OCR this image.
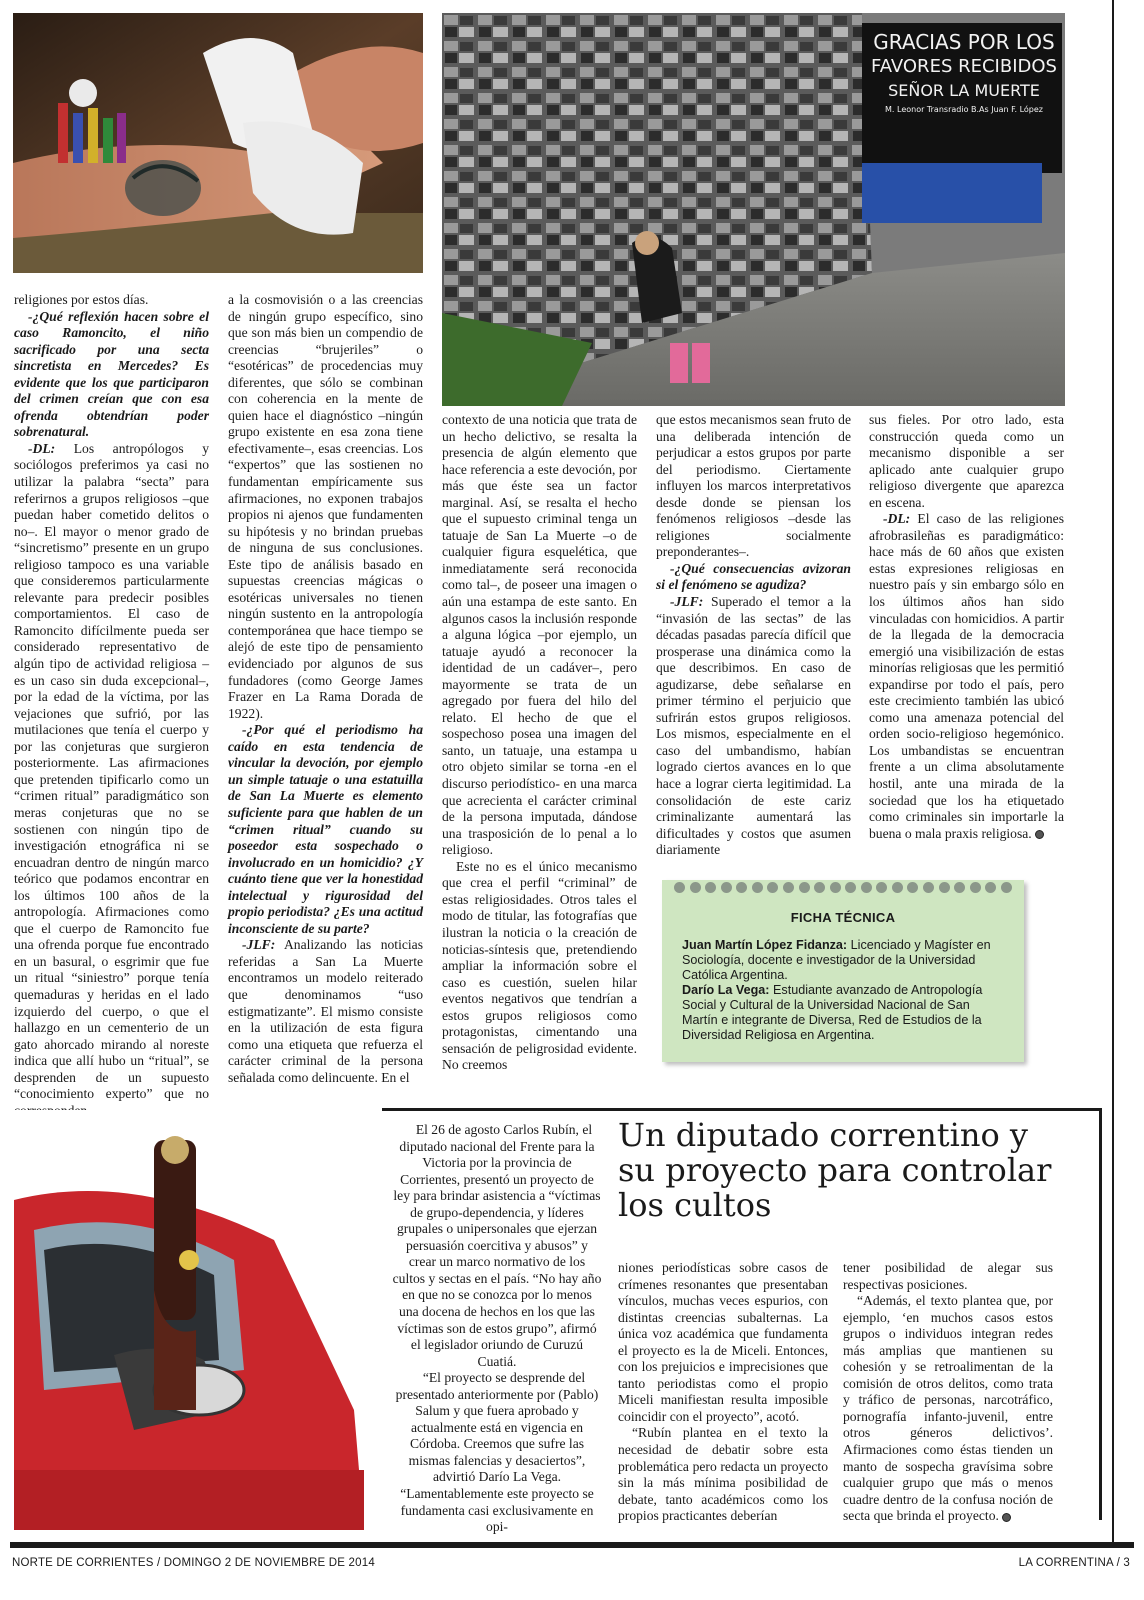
GRACIAS POR LOS
FAVORES RECIBIDOS
SEÑOR LA MUERTE
M. Leonor Transradio B.As Juan F. López

religiones por estos días.

-¿Qué reflexión hacen sobre el caso Ramoncito, el niño sacrificado por una secta sincretista en Mercedes? Es evidente que los que participaron del crimen creían que con esa ofrenda obtendrían poder sobrenatural.

-DL: Los antropólogos y sociólogos preferimos ya casi no utilizar la palabra “secta” para referirnos a grupos religiosos –que puedan haber cometido delitos o no–. El mayor o menor grado de “sincretismo” presente en un grupo religioso tampoco es una variable que consideremos particularmente relevante para predecir posibles comportamientos. El caso de Ramoncito difícilmente pueda ser considerado representativo de algún tipo de actividad religiosa –es un caso sin duda excepcional–, por la edad de la víctima, por las vejaciones que sufrió, por las mutilaciones que tenía el cuerpo y por las conjeturas que surgieron posteriormente. Las afirmaciones que pretenden tipificarlo como un “crimen ritual” paradigmático son meras conjeturas que no se sostienen con ningún tipo de investigación etnográfica ni se encuadran dentro de ningún marco teórico que podamos encontrar en los últimos 100 años de la antropología. Afirmaciones como que el cuerpo de Ramoncito fue una ofrenda porque fue encontrado en un basural, o esgrimir que fue un ritual “siniestro” porque tenía quemaduras y heridas en el lado izquierdo del cuerpo, o que el hallazgo en un cementerio de un gato ahorcado mirando al noreste indica que allí hubo un “ritual”, se desprenden de un supuesto “conocimiento experto” que no

a la cosmovisión o a las creencias de ningún grupo específico, sino que son más bien un compendio de creencias “brujeriles” o “esotéricas” de procedencias muy diferentes, que sólo se combinan con coherencia en la mente de quien hace el diagnóstico –ningún grupo existente en esa zona tiene efectivamente–, esas creencias. Los “expertos” que las sostienen no fundamentan empíricamente sus afirmaciones, no exponen trabajos propios ni ajenos que fundamenten su hipótesis y no brindan pruebas de ninguna de sus conclusiones. Este tipo de análisis basado en supuestas creencias mágicas o esotéricas universales no tienen ningún sustento en la antropología contemporánea que hace tiempo se alejó de este tipo de pensamiento evidenciado por algunos de sus fundadores (como George James Frazer en La Rama Dorada de 1922).

-¿Por qué el periodismo ha caído en esta tendencia de vincular la devoción, por ejemplo un simple tatuaje o una estatuilla de San La Muerte es elemento suficiente para que hablen de un “crimen ritual” cuando su poseedor esta sospechado o involucrado en un homicidio? ¿Y cuánto tiene que ver la honestidad intelectual y rigurosidad del propio periodista? ¿Es una actitud inconsciente de su parte?

-JLF: Analizando las noticias referidas a San La Muerte encontramos un modelo reiterado que denominamos “uso estigmatizante”. El mismo consiste en la utilización de esta figura como una etiqueta que refuerza el carácter criminal de la persona señalada como delincuente. En el

contexto de una noticia que trata de un hecho delictivo, se resalta la presencia de algún elemento que hace referencia a este devoción, por más que éste sea un factor marginal. Así, se resalta el hecho que el supuesto criminal tenga un tatuaje de San La Muerte –o de cualquier figura esquelética, que inmediatamente será reconocida como tal–, de poseer una imagen o aún una estampa de este santo. En algunos casos la inclusión responde a alguna lógica –por ejemplo, un tatuaje ayudó a reconocer la identidad de un cadáver–, pero mayormente se trata de un agregado por fuera del hilo del relato. El hecho de que el sospechoso posea una imagen del santo, un tatuaje, una estampa u otro objeto similar se torna -en el discurso periodístico- en una marca que acrecienta el carácter criminal de la persona imputada, dándose una trasposición de lo penal a lo religioso.

Este no es el único mecanismo que crea el perfil “criminal” de estas religiosidades. Otros tales el modo de titular, las fotografías que ilustran la noticia o la creación de noticias-síntesis que, pretendiendo ampliar la información sobre el caso es cuestión, suelen hilar eventos negativos que tendrían a estos grupos religiosos como protagonistas, cimentando una sensación de peligrosidad evidente. No creemos

que estos mecanismos sean fruto de una deliberada intención de perjudicar a estos grupos por parte del periodismo. Ciertamente influyen los marcos interpretativos desde donde se piensan los fenómenos religiosos –desde las religiones socialmente preponderantes–.

-¿Qué consecuencias avizoran si el fenómeno se agudiza?

-JLF: Superado el temor a la “invasión de las sectas” de las décadas pasadas parecía difícil que prosperase una dinámica como la que describimos. En caso de agudizarse, debe señalarse en primer término el perjuicio que sufrirán estos grupos religiosos. Los mismos, especialmente en el caso del umbandismo, habían logrado ciertos avances en lo que hace a lograr cierta legitimidad. La consolidación de este cariz criminalizante aumentará las dificultades y costos que asumen diariamente

sus fieles. Por otro lado, esta construcción queda como un mecanismo disponible a ser aplicado ante cualquier grupo religioso divergente que aparezca en escena.

-DL: El caso de las religiones afrobrasileñas es paradigmático: hace más de 60 años que existen estas expresiones religiosas en nuestro país y sin embargo sólo en los últimos años han sido vinculadas con homicidios. A partir de la llegada de la democracia emergió una visibilización de estas minorías religiosas que les permitió expandirse por todo el país, pero este crecimiento también las ubicó como una amenaza potencial del orden socio-religioso hegemónico. Los umbandistas se encuentran frente a un clima absolutamente hostil, ante una mirada de la sociedad que los ha etiquetado como criminales sin importarle la buena o mala praxis religiosa.

FICHA TÉCNICA

Juan Martín López Fidanza: Licenciado y Magíster en Sociología, docente e investigador de la Universidad Católica Argentina.

Darío La Vega: Estudiante avanzado de Antropología Social y Cultural de la Universidad Nacional de San Martín e integrante de Diversa, Red de Estudios de la Diversidad Religiosa en Argentina.

Un diputado correntino y su proyecto para controlar los cultos

El 26 de agosto Carlos Rubín, el diputado nacional del Frente para la Victoria por la provincia de Corrientes, presentó un proyecto de ley para brindar asistencia a “víctimas de grupo-dependencia, y líderes grupales o unipersonales que ejerzan persuasión coercitiva y abusos” y crear un marco normativo de los cultos y sectas en el país. “No hay año en que no se conozca por lo menos una docena de hechos en los que las víctimas son de estos grupo”, afirmó el legislador oriundo de Curuzú Cuatiá.

“El proyecto se desprende del presentado anteriormente por (Pablo) Salum y que fuera aprobado y actualmente está en vigencia en Córdoba. Creemos que sufre las mismas falencias y desaciertos”, advirtió Darío La Vega. “Lamentablemente este proyecto se fundamenta casi exclusivamente en opi-

niones periodísticas sobre casos de crímenes resonantes que presentaban vínculos, muchas veces espurios, con distintas creencias subalternas. La única voz académica que fundamenta el proyecto es la de Miceli. Entonces, con los prejuicios e imprecisiones que tanto periodistas como el propio Miceli manifiestan resulta imposible coincidir con el proyecto”, acotó.

“Rubín plantea en el texto la necesidad de debatir sobre esta problemática pero redacta un proyecto sin la más mínima posibilidad de debate, tanto académicos como los propios practicantes deberían

tener posibilidad de alegar sus respectivas posiciones.

“Además, el texto plantea que, por ejemplo, ‘en muchos casos estos grupos o individuos integran redes más amplias que mantienen su cohesión y se retroalimentan de la comisión de otros delitos, como trata y tráfico de personas, narcotráfico, pornografía infanto-juvenil, entre otros géneros delictivos’. Afirmaciones como éstas tienden un manto de sospecha gravísima sobre cualquier grupo que más o menos cuadre dentro de la confusa noción de secta que brinda el proyecto.

NORTE DE CORRIENTES / DOMINGO 2 DE NOVIEMBRE DE 2014	LA CORRENTINA / 3
